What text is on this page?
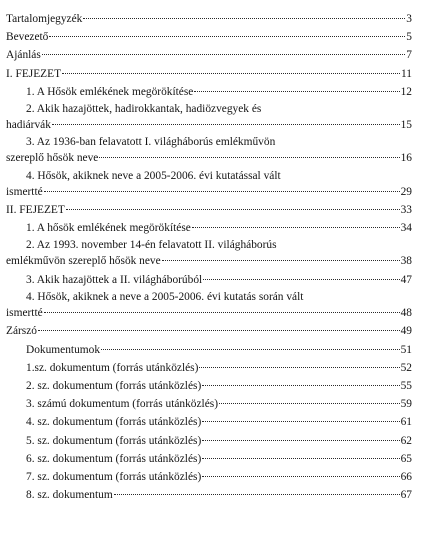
Tartalomjegyzék	3
Bevezető	5
Ajánlás	7
I. FEJEZET	11
1. A Hősök emlékének megörökítése	12
2. Akik hazajöttek, hadirokkantak, hadiözvegyek és
hadiárvák	15
3. Az 1936-ban felavatott I. világháborús emlékművön
szereplő hősök neve	16
4. Hősök, akiknek neve a 2005-2006. évi kutatással vált
ismertté	29
II. FEJEZET	33
1. A hősök emlékének megörökítése	34
2. Az 1993. november 14-én felavatott II. világháborús
emlékművön szereplő hősök neve	38
3. Akik hazajöttek a II. világháborúból	47
4. Hősök, akiknek a neve a 2005-2006. évi kutatás során vált
ismertté	48
Zárszó	49
Dokumentumok	51
1.sz. dokumentum (forrás utánközlés)	52
2. sz. dokumentum (forrás utánközlés)	55
3. számú dokumentum (forrás utánközlés)	59
4. sz. dokumentum (forrás utánközlés)	61
5. sz. dokumentum (forrás utánközlés)	62
6. sz. dokumentum (forrás utánközlés)	65
7. sz. dokumentum (forrás utánközlés)	66
8. sz. dokumentum	67
